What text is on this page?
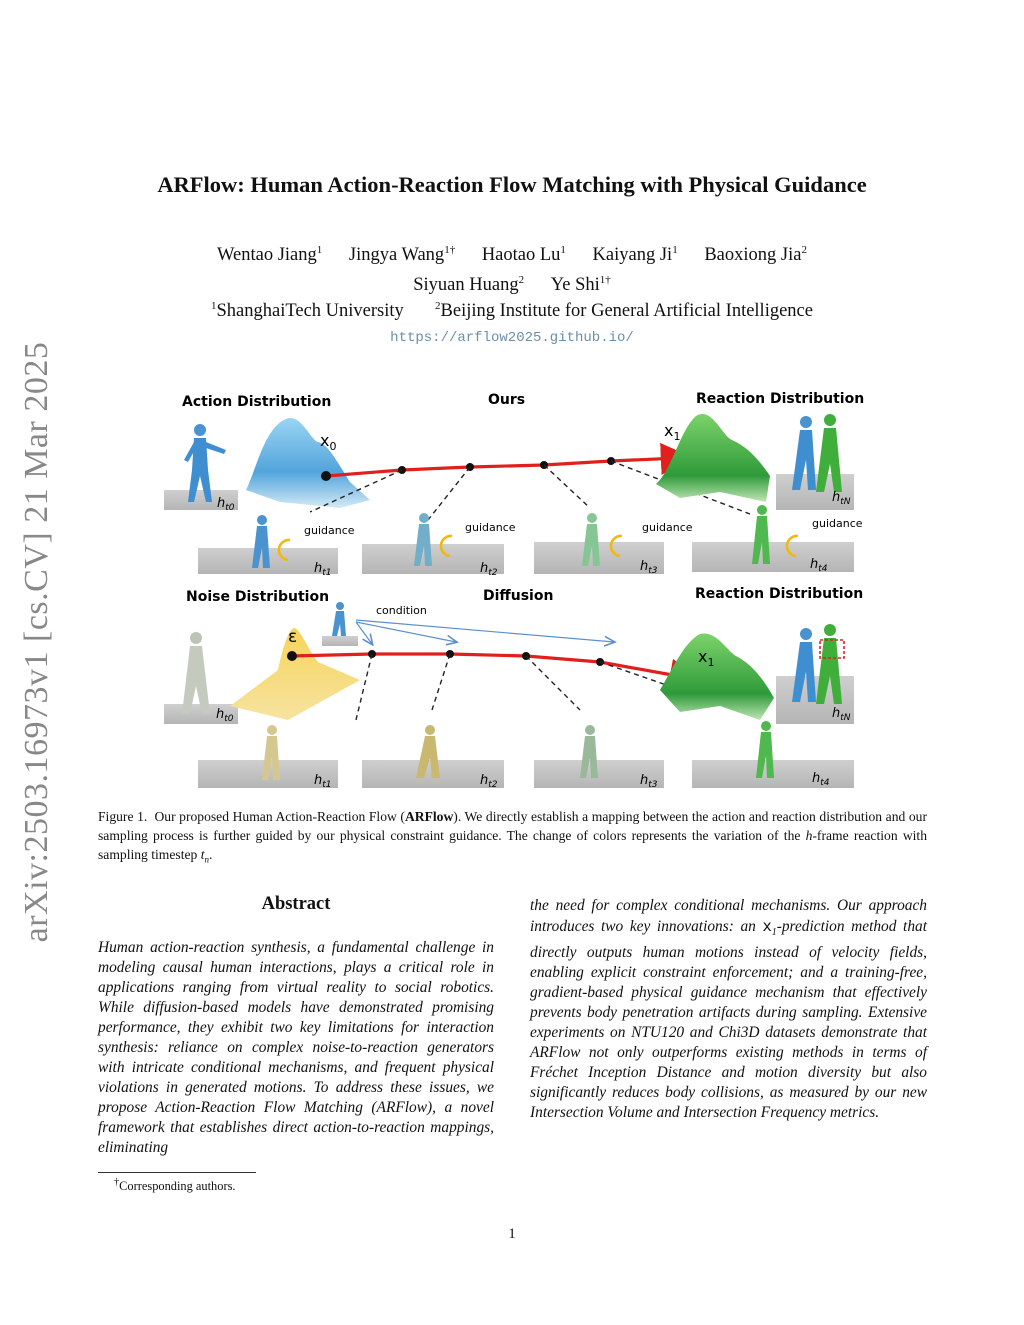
arXiv:2503.16973v1 [cs.CV] 21 Mar 2025
ARFlow: Human Action-Reaction Flow Matching with Physical Guidance
Wentao Jiang$^1$ Jingya Wang$^{1\dagger}$ Haotao Lu$^1$ Kaiyang Ji$^1$ Baoxiong Jia$^2$
Siyuan Huang$^2$ Ye Shi$^{1\dagger}$
$^1$ShanghaiTech University	$^2$Beijing Institute for General Artificial Intelligence
https://arflow2025.github.io/
Action Distribution	Ours	Reaction Distribution
$h_{t0}$
$x_0$
$x_1$
$h_{tN}$
guidance
$h_{t1}$
guidance
$h_{t2}$
guidance
$h_{t3}$
guidance
$h_{t4}$
Noise Distribution	Diffusion	Reaction Distribution
condition
$h_{t0}$
ε
$x_1$
$h_{tN}$
$h_{t1}$	$h_{t2}$	$h_{t3}$	$h_{t4}$
Figure 1. Our proposed Human Action-Reaction Flow (ARFlow). We directly establish a mapping between the action and reaction distribution and our sampling process is further guided by our physical constraint guidance. The change of colors represents the variation of the h-frame reaction with sampling timestep $t_n$.
Abstract

Human action-reaction synthesis, a fundamental challenge in modeling causal human interactions, plays a critical role in applications ranging from virtual reality to social robotics. While diffusion-based models have demonstrated promising performance, they exhibit two key limitations for interaction synthesis: reliance on complex noise-to-reaction generators with intricate conditional mechanisms, and frequent physical violations in generated motions. To address these issues, we propose Action-Reaction Flow Matching (ARFlow), a novel framework that establishes direct action-to-reaction mappings, eliminating

the need for complex conditional mechanisms. Our approach introduces two key innovations: an $x_1$-prediction method that directly outputs human motions instead of velocity fields, enabling explicit constraint enforcement; and a training-free, gradient-based physical guidance mechanism that effectively prevents body penetration artifacts during sampling. Extensive experiments on NTU120 and Chi3D datasets demonstrate that ARFlow not only outperforms existing methods in terms of Fréchet Inception Distance and motion diversity but also significantly reduces body collisions, as measured by our new Intersection Volume and Intersection Frequency metrics.

†Corresponding authors.
1
